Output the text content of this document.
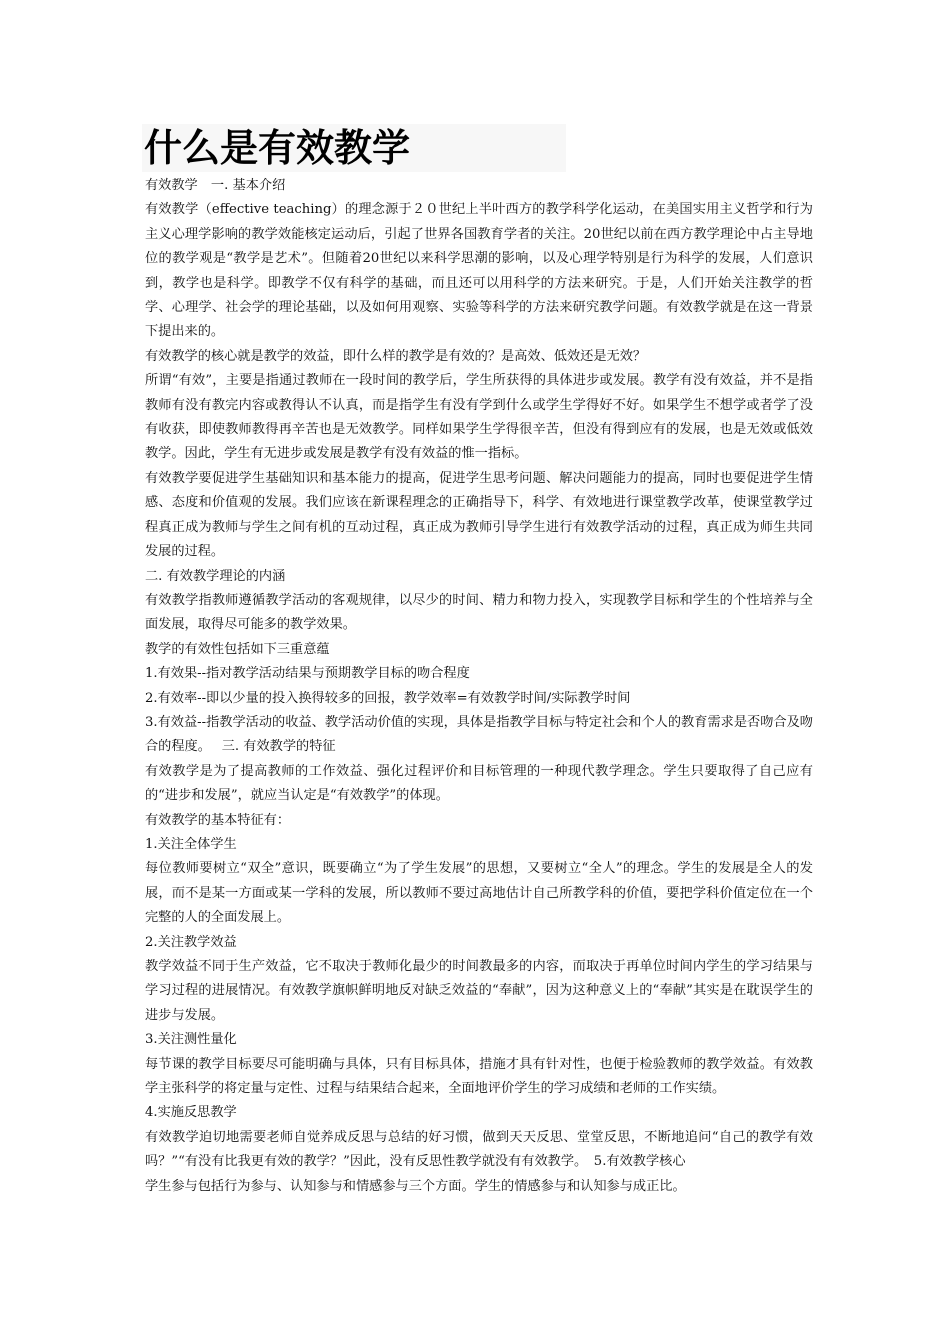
什么是有效教学

有效教学　一. 基本介绍

有效教学（effective teaching）的理念源于２０世纪上半叶西方的教学科学化运动，在美国实用主义哲学和行为主义心理学影响的教学效能核定运动后，引起了世界各国教育学者的关注。20世纪以前在西方教学理论中占主导地位的教学观是“教学是艺术”。但随着20世纪以来科学思潮的影响，以及心理学特别是行为科学的发展，人们意识到，教学也是科学。即教学不仅有科学的基础，而且还可以用科学的方法来研究。于是，人们开始关注教学的哲学、心理学、社会学的理论基础，以及如何用观察、实验等科学的方法来研究教学问题。有效教学就是在这一背景下提出来的。

有效教学的核心就是教学的效益，即什么样的教学是有效的？是高效、低效还是无效？

所谓“有效”，主要是指通过教师在一段时间的教学后，学生所获得的具体进步或发展。教学有没有效益，并不是指教师有没有教完内容或教得认不认真，而是指学生有没有学到什么或学生学得好不好。如果学生不想学或者学了没有收获，即使教师教得再辛苦也是无效教学。同样如果学生学得很辛苦，但没有得到应有的发展，也是无效或低效教学。因此，学生有无进步或发展是教学有没有效益的惟一指标。

有效教学要促进学生基础知识和基本能力的提高，促进学生思考问题、解决问题能力的提高，同时也要促进学生情感、态度和价值观的发展。我们应该在新课程理念的正确指导下，科学、有效地进行课堂教学改革，使课堂教学过程真正成为教师与学生之间有机的互动过程，真正成为教师引导学生进行有效教学活动的过程，真正成为师生共同发展的过程。

二. 有效教学理论的内涵

有效教学指教师遵循教学活动的客观规律，以尽少的时间、精力和物力投入，实现教学目标和学生的个性培养与全面发展，取得尽可能多的教学效果。

教学的有效性包括如下三重意蕴

1.有效果--指对教学活动结果与预期教学目标的吻合程度

2.有效率--即以少量的投入换得较多的回报，教学效率=有效教学时间/实际教学时间

3.有效益--指教学活动的收益、教学活动价值的实现，具体是指教学目标与特定社会和个人的教育需求是否吻合及吻合的程度。　 三. 有效教学的特征

有效教学是为了提高教师的工作效益、强化过程评价和目标管理的一种现代教学理念。学生只要取得了自己应有的“进步和发展”，就应当认定是“有效教学”的体现。

有效教学的基本特征有：

1.关注全体学生

每位教师要树立“双全”意识，既要确立“为了学生发展”的思想，又要树立“全人”的理念。学生的发展是全人的发展，而不是某一方面或某一学科的发展，所以教师不要过高地估计自己所教学科的价值，要把学科价值定位在一个完整的人的全面发展上。

2.关注教学效益

教学效益不同于生产效益，它不取决于教师化最少的时间教最多的内容，而取决于再单位时间内学生的学习结果与学习过程的进展情况。有效教学旗帜鲜明地反对缺乏效益的“奉献”，因为这种意义上的“奉献”其实是在耽误学生的进步与发展。

3.关注测性量化

每节课的教学目标要尽可能明确与具体，只有目标具体，措施才具有针对性，也便于检验教师的教学效益。有效教学主张科学的将定量与定性、过程与结果结合起来，全面地评价学生的学习成绩和老师的工作实绩。

4.实施反思教学

有效教学迫切地需要老师自觉养成反思与总结的好习惯，做到天天反思、堂堂反思，不断地追问“自己的教学有效吗？”“有没有比我更有效的教学？”因此，没有反思性教学就没有有效教学。　5.有效教学核心

学生参与包括行为参与、认知参与和情感参与三个方面。学生的情感参与和认知参与成正比。
